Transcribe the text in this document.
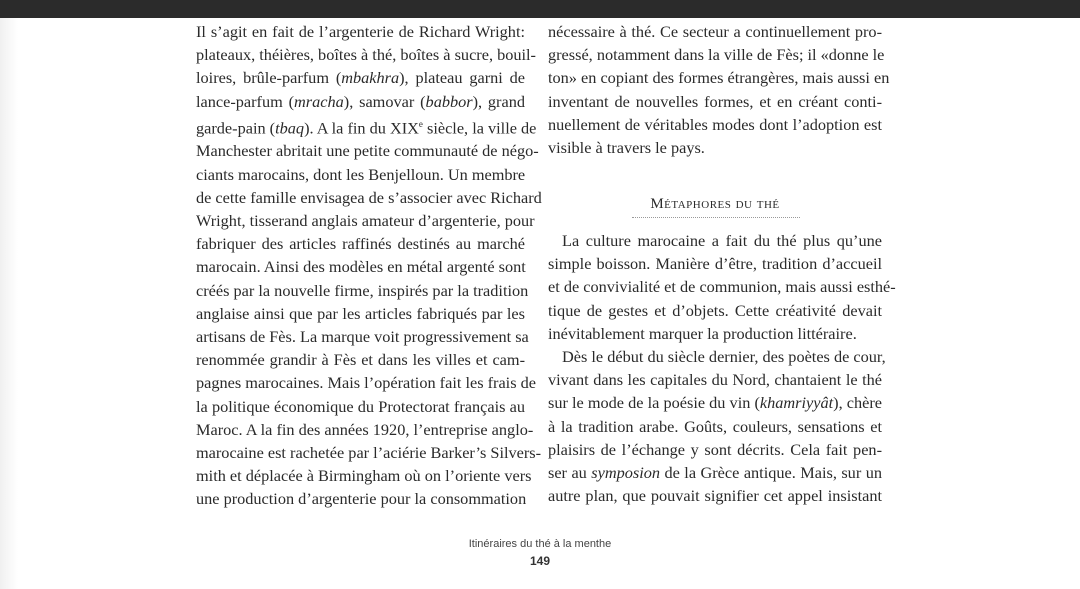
Il s’agit en fait de l’argenterie de Richard Wright:
plateaux, théières, boîtes à thé, boîtes à sucre, bouil-
loires, brûle-parfum (mbakhra), plateau garni de
lance-parfum (mracha), samovar (babbor), grand
garde-pain (tbaq). A la fin du XIXe siècle, la ville de
Manchester abritait une petite communauté de négo-
ciants marocains, dont les Benjelloun. Un membre
de cette famille envisagea de s’associer avec Richard
Wright, tisserand anglais amateur d’argenterie, pour
fabriquer des articles raffinés destinés au marché
marocain. Ainsi des modèles en métal argenté sont
créés par la nouvelle firme, inspirés par la tradition
anglaise ainsi que par les articles fabriqués par les
artisans de Fès. La marque voit progressivement sa
renommée grandir à Fès et dans les villes et cam-
pagnes marocaines. Mais l’opération fait les frais de
la politique économique du Protectorat français au
Maroc. A la fin des années 1920, l’entreprise anglo-
marocaine est rachetée par l’aciérie Barker’s Silvers-
mith et déplacée à Birmingham où on l’oriente vers
une production d’argenterie pour la consommation
nécessaire à thé. Ce secteur a continuellement pro-
gressé, notamment dans la ville de Fès; il «donne le
ton» en copiant des formes étrangères, mais aussi en
inventant de nouvelles formes, et en créant conti-
nuellement de véritables modes dont l’adoption est
visible à travers le pays.
Métaphores du thé
La culture marocaine a fait du thé plus qu’une
simple boisson. Manière d’être, tradition d’accueil
et de convivialité et de communion, mais aussi esthé-
tique de gestes et d’objets. Cette créativité devait
inévitablement marquer la production littéraire.
Dès le début du siècle dernier, des poètes de cour,
vivant dans les capitales du Nord, chantaient le thé
sur le mode de la poésie du vin (khamriyyât), chère
à la tradition arabe. Goûts, couleurs, sensations et
plaisirs de l’échange y sont décrits. Cela fait pen-
ser au symposion de la Grèce antique. Mais, sur un
autre plan, que pouvait signifier cet appel insistant
Itinéraires du thé à la menthe
149
